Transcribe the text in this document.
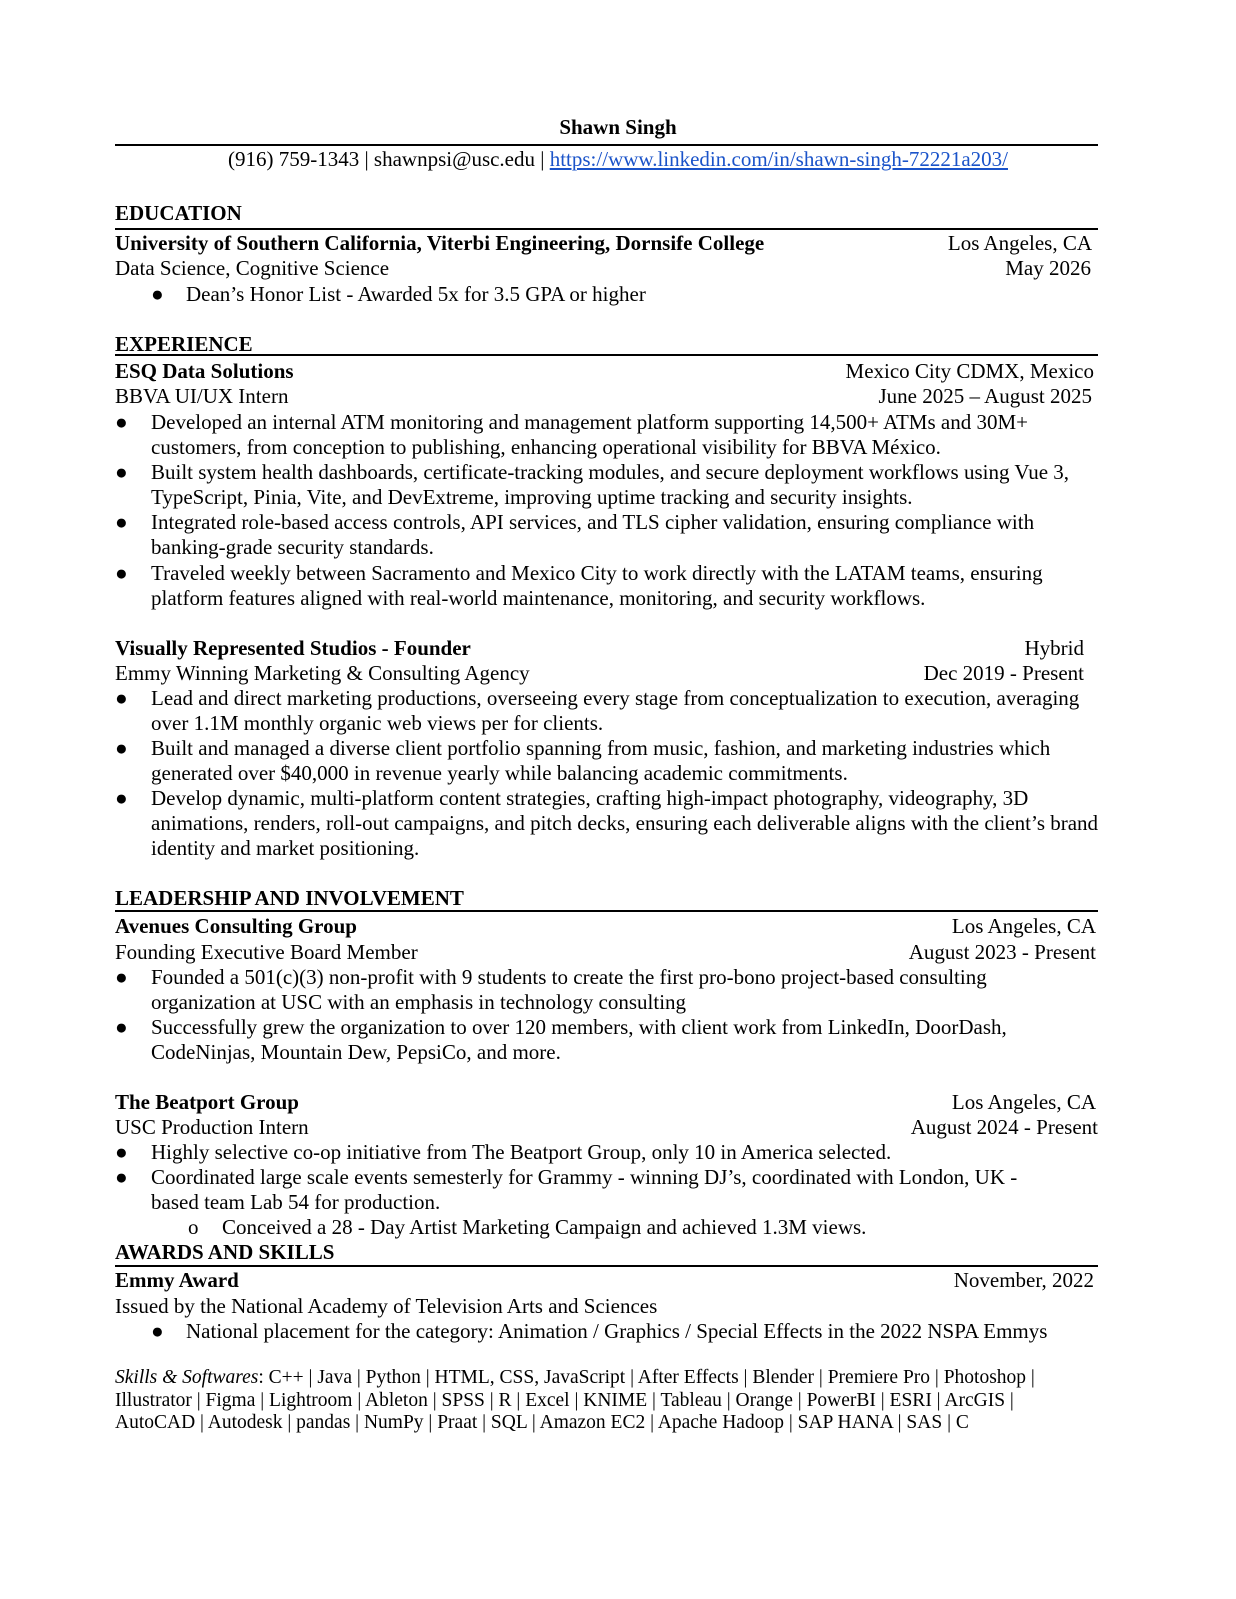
Shawn Singh
(916) 759-1343 | shawnpsi@usc.edu | https://www.linkedin.com/in/shawn-singh-72221a203/
EDUCATION
University of Southern California, Viterbi Engineering, Dornsife College	Los Angeles, CA
Data Science, Cognitive Science	May 2026
●	Dean’s Honor List - Awarded 5x for 3.5 GPA or higher
EXPERIENCE
ESQ Data Solutions	Mexico City CDMX, Mexico
BBVA UI/UX Intern	June 2025 – August 2025
●	Developed an internal ATM monitoring and management platform supporting 14,500+ ATMs and 30M+ customers, from conception to publishing, enhancing operational visibility for BBVA México.
●	Built system health dashboards, certificate-tracking modules, and secure deployment workflows using Vue 3, TypeScript, Pinia, Vite, and DevExtreme, improving uptime tracking and security insights.
●	Integrated role-based access controls, API services, and TLS cipher validation, ensuring compliance with banking-grade security standards.
●	Traveled weekly between Sacramento and Mexico City to work directly with the LATAM teams, ensuring platform features aligned with real-world maintenance, monitoring, and security workflows.
Visually Represented Studios - Founder	Hybrid
Emmy Winning Marketing & Consulting Agency	Dec 2019 - Present
●	Lead and direct marketing productions, overseeing every stage from conceptualization to execution, averaging over 1.1M monthly organic web views per for clients.
●	Built and managed a diverse client portfolio spanning from music, fashion, and marketing industries which generated over $40,000 in revenue yearly while balancing academic commitments.
●	Develop dynamic, multi-platform content strategies, crafting high-impact photography, videography, 3D animations, renders, roll-out campaigns, and pitch decks, ensuring each deliverable aligns with the client’s brand identity and market positioning.
LEADERSHIP AND INVOLVEMENT
Avenues Consulting Group	Los Angeles, CA
Founding Executive Board Member	August 2023 - Present
●	Founded a 501(c)(3) non-profit with 9 students to create the first pro-bono project-based consulting organization at USC with an emphasis in technology consulting
●	Successfully grew the organization to over 120 members, with client work from LinkedIn, DoorDash, CodeNinjas, Mountain Dew, PepsiCo, and more.
The Beatport Group	Los Angeles, CA
USC Production Intern	August 2024 - Present
●	Highly selective co-op initiative from The Beatport Group, only 10 in America selected.
●	Coordinated large scale events semesterly for Grammy - winning DJ’s, coordinated with London, UK - based team Lab 54 for production.
o Conceived a 28 - Day Artist Marketing Campaign and achieved 1.3M views.
AWARDS AND SKILLS
Emmy Award	November, 2022
Issued by the National Academy of Television Arts and Sciences
●	National placement for the category: Animation / Graphics / Special Effects in the 2022 NSPA Emmys
Skills & Softwares: C++ | Java | Python | HTML, CSS, JavaScript | After Effects | Blender | Premiere Pro | Photoshop | Illustrator | Figma | Lightroom | Ableton | SPSS | R | Excel | KNIME | Tableau | Orange | PowerBI | ESRI | ArcGIS | AutoCAD | Autodesk | pandas | NumPy | Praat | SQL | Amazon EC2 | Apache Hadoop | SAP HANA | SAS | C
